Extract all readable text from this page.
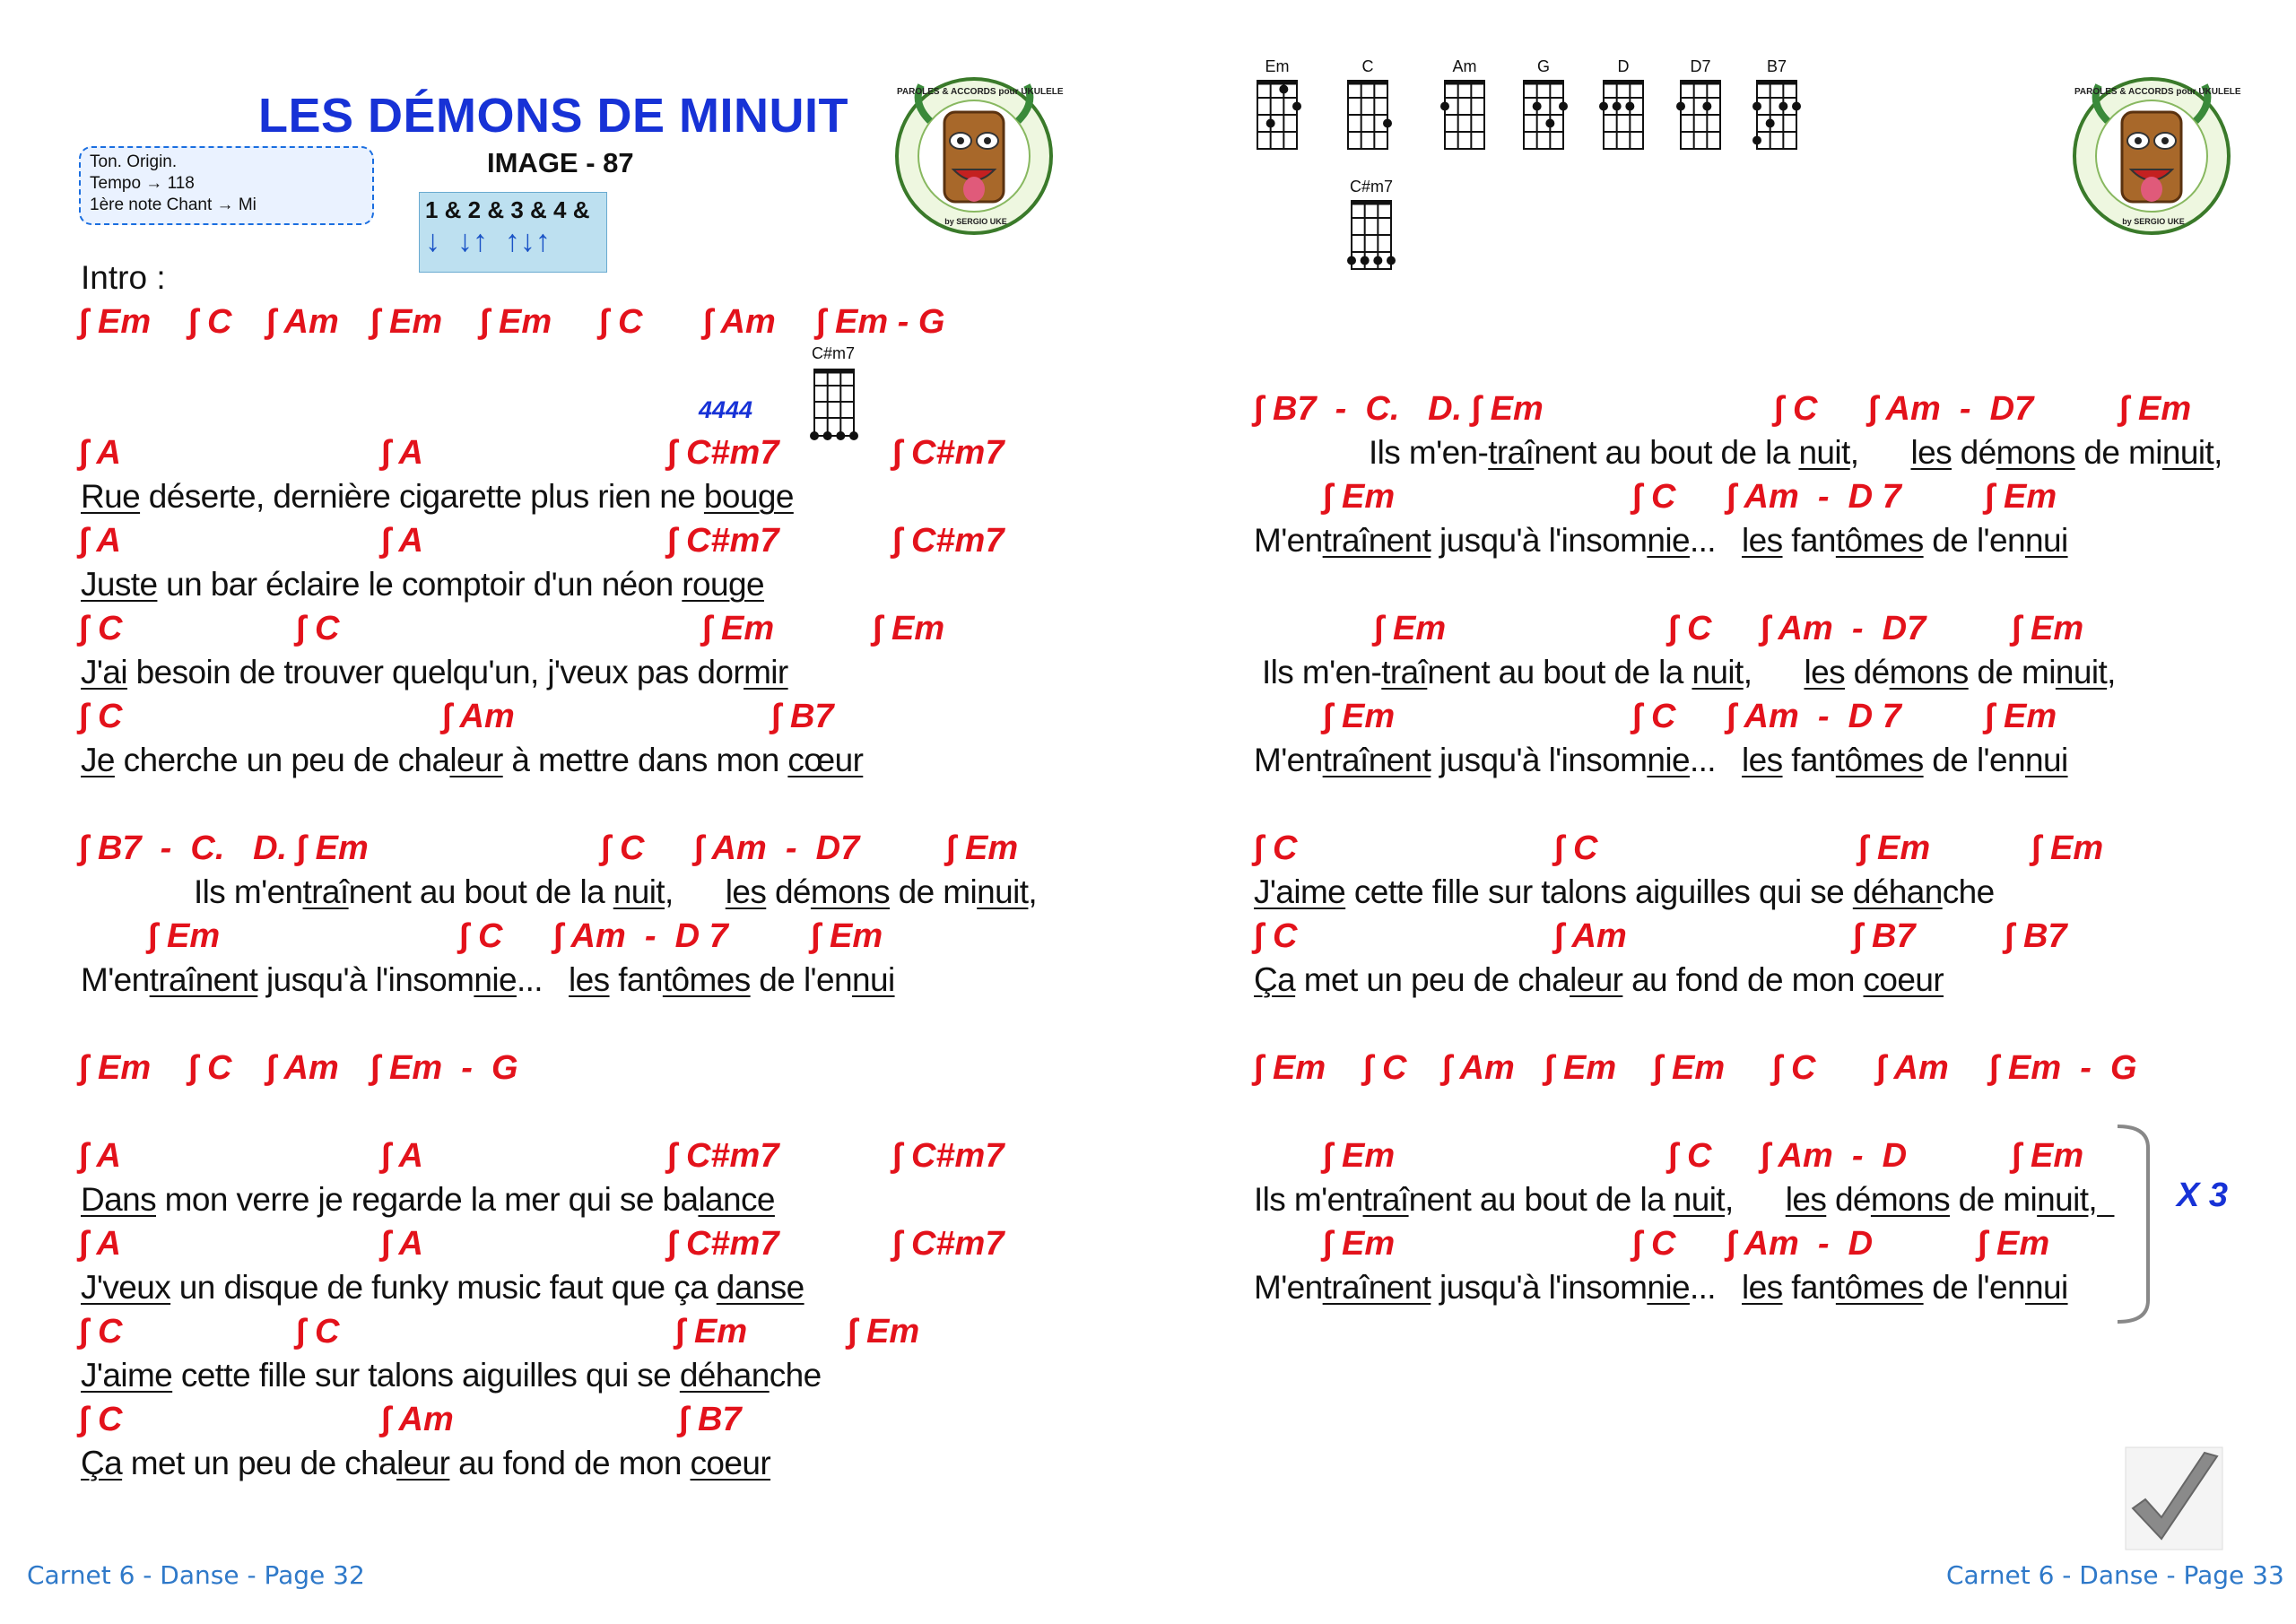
LES DÉMONS DE MINUIT
IMAGE - 87
Ton. Origin.
Tempo → 118
1ère note Chant → Mi	1 & 2 & 3 & 4 &
↓  ↓↑  ↑↓↑
PAROLES & ACCORDS pour UKULELE
by SERGIO UKE
Intro :
∫ Em ∫ C ∫ Am ∫ Em ∫ Em ∫ C ∫ Am ∫ Em - G
C#m7
4444
∫ A	∫ A	∫ C#m7	∫ C#m7
Rue déserte, dernière cigarette plus rien ne bouge
∫ A	∫ A	∫ C#m7	∫ C#m7
Juste un bar éclaire le comptoir d'un néon rouge
∫ C	∫ C	∫ Em	∫ Em
J'ai besoin de trouver quelqu'un, j'veux pas dormir
∫ C	∫ Am	∫ B7
Je cherche un peu de chaleur à mettre dans mon cœur
∫ B7  -  C.   D. ∫ Em	∫ C ∫ Am  -  D7	∫ Em
Ils m'entraînent au bout de la nuit,      les démons de minuit,
∫ Em	∫ C ∫ Am  -  D 7 ∫ Em
M'entraînent jusqu'à l'insomnie...   les fantômes de l'ennui
∫ Em ∫ C ∫ Am ∫ Em  -  G
∫ A	∫ A	∫ C#m7	∫ C#m7
Dans mon verre je regarde la mer qui se balance
∫ A	∫ A	∫ C#m7	∫ C#m7
J'veux un disque de funky music faut que ça danse
∫ C	∫ C	∫ Em	∫ Em
J'aime cette fille sur talons aiguilles qui se déhanche
∫ C	∫ Am	∫ B7
Ça met un peu de chaleur au fond de mon coeur
Carnet 6 - Danse - Page 32
Em	C	Am	G	D	D7	B7
C#m7
PAROLES & ACCORDS pour UKULELE
by SERGIO UKE
∫ B7  -  C.   D. ∫ Em	∫ C ∫ Am  -  D7	∫ Em
Ils m'en-traînent au bout de la nuit,      les démons de minuit,
∫ Em	∫ C ∫ Am  -  D 7 ∫ Em
M'entraînent jusqu'à l'insomnie...   les fantômes de l'ennui
∫ Em	∫ C ∫ Am  -  D7	∫ Em
Ils m'en-traînent au bout de la nuit,      les démons de minuit,
∫ Em	∫ C ∫ Am  -  D 7 ∫ Em
M'entraînent jusqu'à l'insomnie...   les fantômes de l'ennui
∫ C	∫ C	∫ Em	∫ Em
J'aime cette fille sur talons aiguilles qui se déhanche
∫ C	∫ Am	∫ B7	∫ B7
Ça met un peu de chaleur au fond de mon coeur
∫ Em ∫ C ∫ Am ∫ Em ∫ Em ∫ C ∫ Am ∫ Em  -  G
∫ Em	∫ C ∫ Am  -  D	∫ Em
Ils m'entraînent au bout de la nuit,      les démons de minuit,
∫ Em	∫ C ∫ Am  -  D	∫ Em
M'entraînent jusqu'à l'insomnie...   les fantômes de l'ennui
X 3
Carnet 6 - Danse - Page 33
